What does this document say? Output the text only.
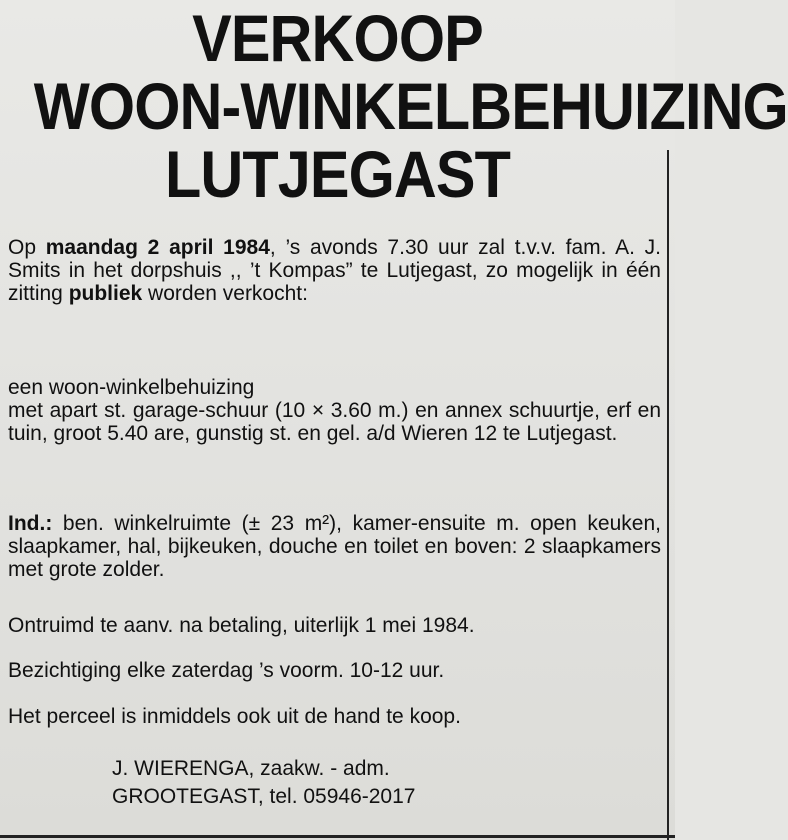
VERKOOP

WOON-WINKELBEHUIZING

LUTJEGAST

Op maandag 2 april 1984, ’s avonds 7.30 uur zal t.v.v. fam. A. J. Smits in het dorpshuis ,, ’t Kompas” te Lutjegast, zo mogelijk in één zitting publiek worden verkocht:
een woon-winkelbehuizing
met apart st. garage-schuur (10 × 3.60 m.) en annex schuurtje, erf en tuin, groot 5.40 are, gunstig st. en gel. a/d Wieren 12 te Lutjegast.
Ind.: ben. winkelruimte (± 23 m²), kamer-ensuite m. open keuken, slaapkamer, hal, bijkeuken, douche en toilet en boven: 2 slaapkamers met grote zolder.
Ontruimd te aanv. na betaling, uiterlijk 1 mei 1984.
Bezichtiging elke zaterdag ’s voorm. 10-12 uur.
Het perceel is inmiddels ook uit de hand te koop.
J. WIERENGA, zaakw. - adm.
GROOTEGAST, tel. 05946-2017
